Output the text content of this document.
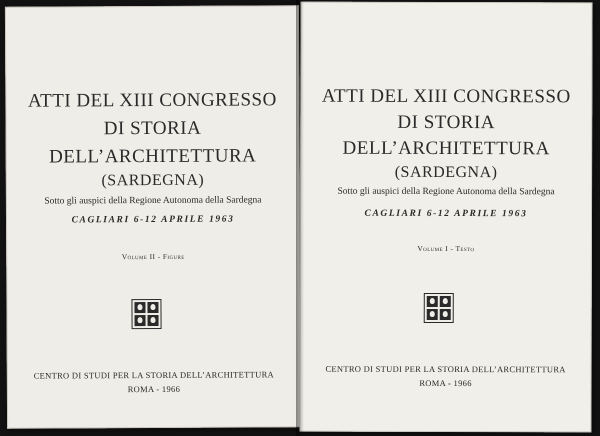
ATTI DEL XIII CONGRESSO
DI STORIA
DELL’ARCHITETTURA
(SARDEGNA)
Sotto gli auspici della Regione Autonoma della Sardegna
CAGLIARI 6-12 APRILE 1963
Volume II - Figure
CENTRO DI STUDI PER LA STORIA DELL’ARCHITETTURA
ROMA - 1966
ATTI DEL XIII CONGRESSO
DI STORIA
DELL’ARCHITETTURA
(SARDEGNA)
Sotto gli auspici della Regione Autonoma della Sardegna
CAGLIARI 6-12 APRILE 1963
Volume I - Testo
CENTRO DI STUDI PER LA STORIA DELL’ARCHITETTURA
ROMA - 1966
